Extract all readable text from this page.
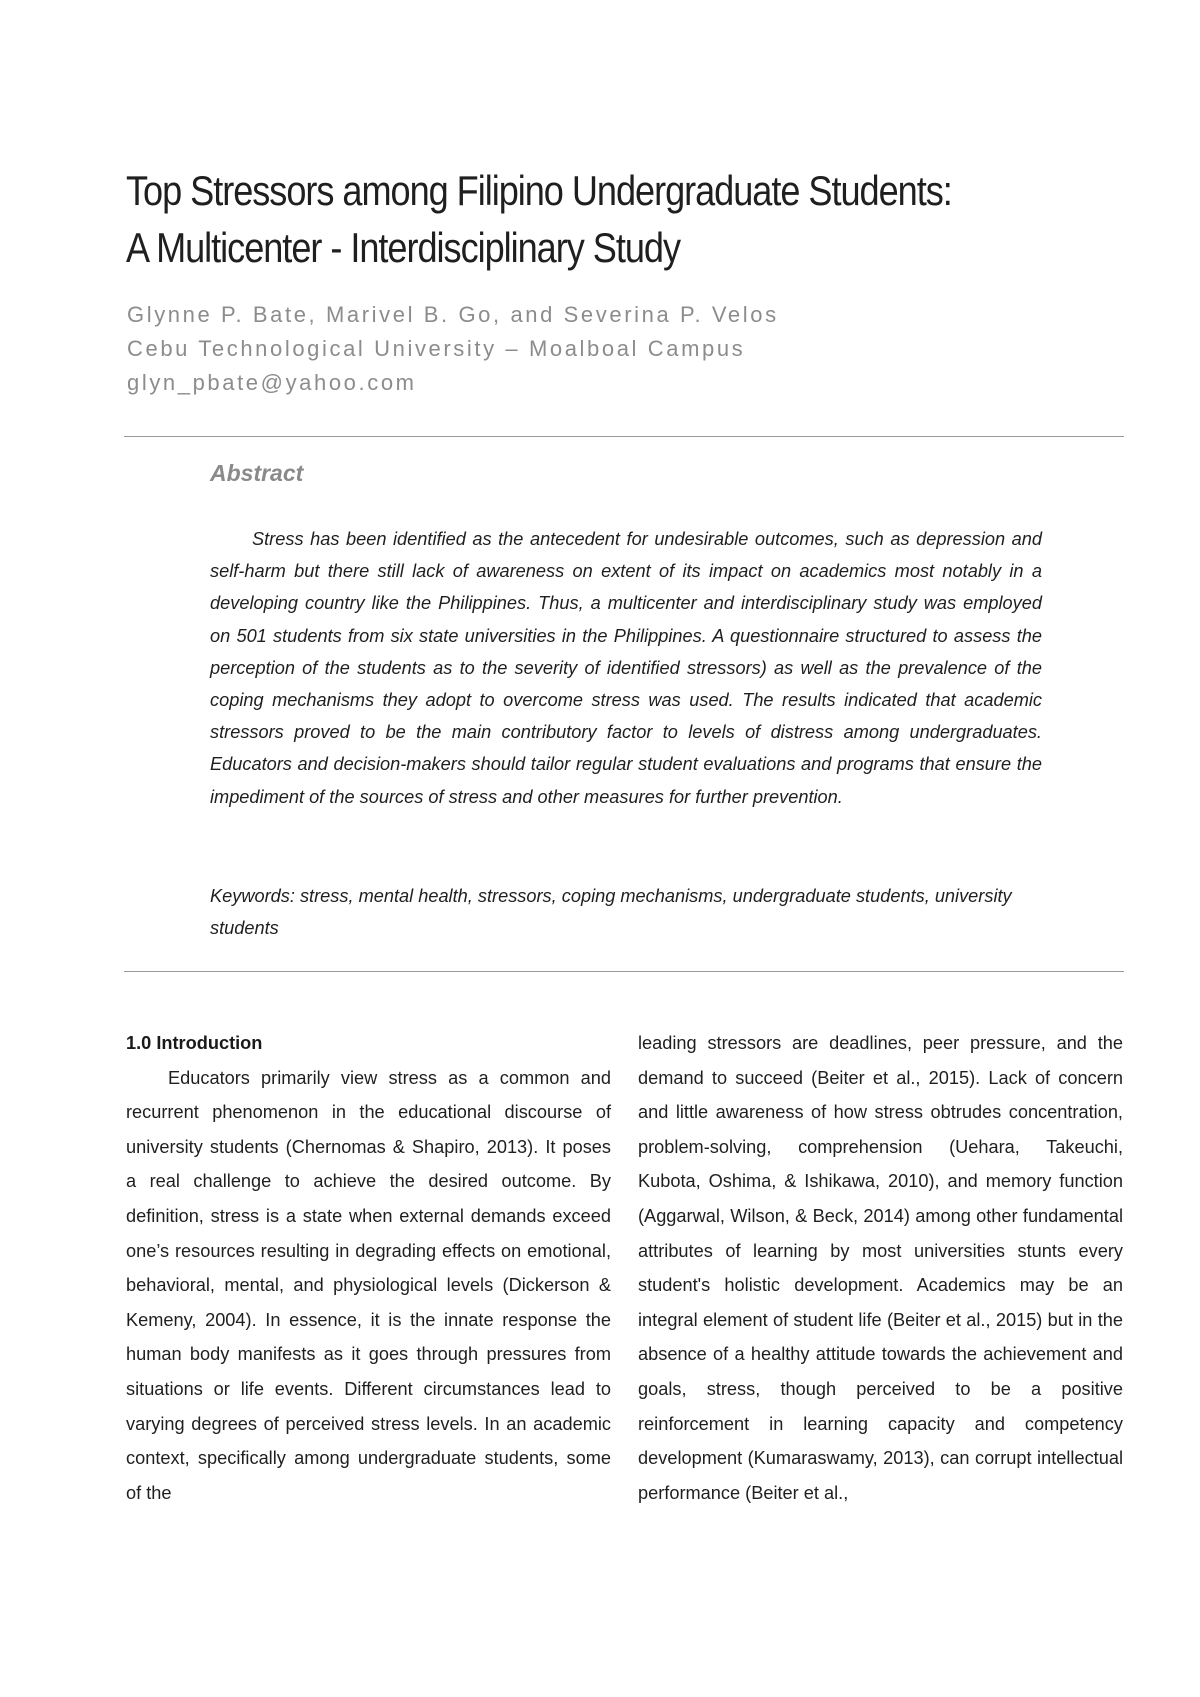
Top Stressors among Filipino Undergraduate Students:
A Multicenter - Interdisciplinary Study
Glynne P. Bate, Marivel B. Go, and Severina P. Velos
Cebu Technological University – Moalboal Campus
glyn_pbate@yahoo.com
Abstract

Stress has been identified as the antecedent for undesirable outcomes, such as depression and self-harm but there still lack of awareness on extent of its impact on academics most notably in a developing country like the Philippines. Thus, a multicenter and interdisciplinary study was employed on 501 students from six state universities in the Philippines. A questionnaire structured to assess the perception of the students as to the severity of identified stressors) as well as the prevalence of the coping mechanisms they adopt to overcome stress was used. The results indicated that academic stressors proved to be the main contributory factor to levels of distress among undergraduates. Educators and decision-makers should tailor regular student evaluations and programs that ensure the impediment of the sources of stress and other measures for further prevention.

Keywords: stress, mental health, stressors, coping mechanisms, undergraduate students, university students

1.0 Introduction

Educators primarily view stress as a common and recurrent phenomenon in the educational discourse of university students (Chernomas & Shapiro, 2013). It poses a real challenge to achieve the desired outcome. By definition, stress is a state when external demands exceed one’s resources resulting in degrading effects on emotional, behavioral, mental, and physiological levels (Dickerson & Kemeny, 2004). In essence, it is the innate response the human body manifests as it goes through pressures from situations or life events. Different circumstances lead to varying degrees of perceived stress levels. In an academic context, specifically among undergraduate students, some of the

leading stressors are deadlines, peer pressure, and the demand to succeed (Beiter et al., 2015). Lack of concern and little awareness of how stress obtrudes concentration, problem-solving, comprehension (Uehara, Takeuchi, Kubota, Oshima, & Ishikawa, 2010), and memory function (Aggarwal, Wilson, & Beck, 2014) among other fundamental attributes of learning by most universities stunts every student's holistic development. Academics may be an integral element of student life (Beiter et al., 2015) but in the absence of a healthy attitude towards the achievement and goals, stress, though perceived to be a positive reinforcement in learning capacity and competency development (Kumaraswamy, 2013), can corrupt intellectual performance (Beiter et al.,
